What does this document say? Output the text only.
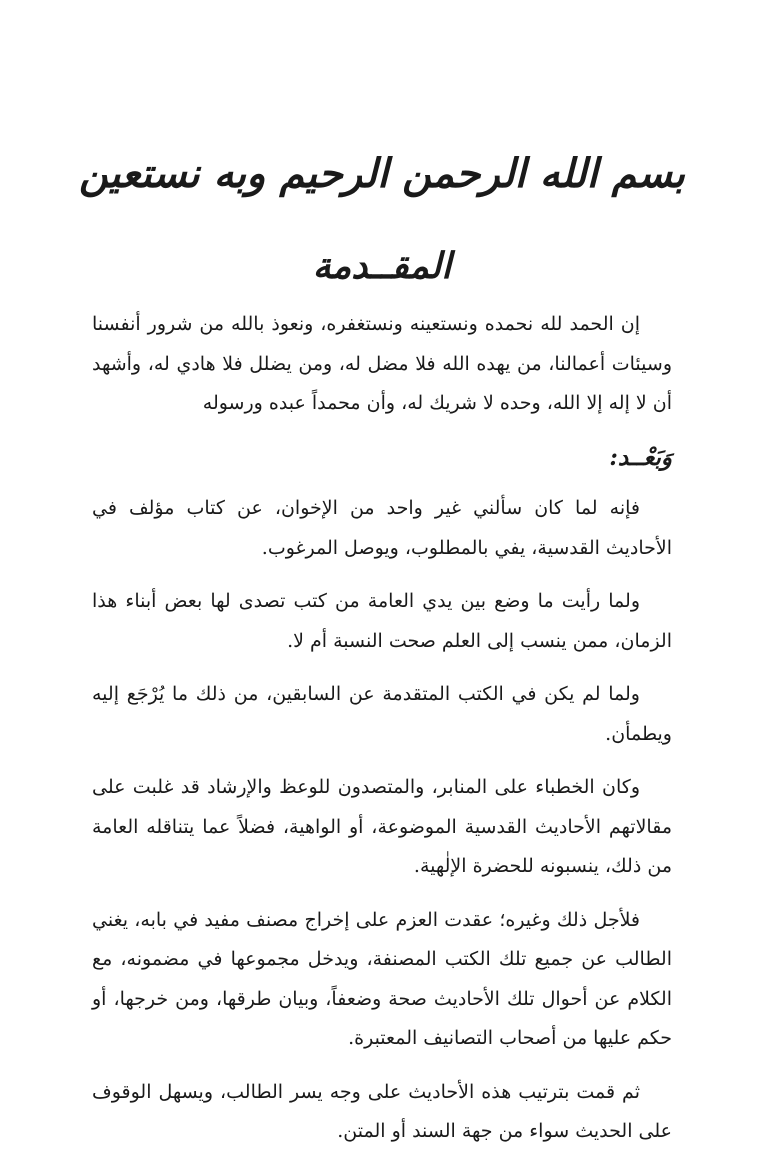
بسم الله الرحمن الرحيم وبه نستعين
المقــدمة

إن الحمد لله نحمده ونستعينه ونستغفره، ونعوذ بالله من شرور أنفسنا وسيئات أعمالنا، من يهده الله فلا مضل له، ومن يضلل فلا هادي له، وأشهد أن لا إله إلا الله، وحده لا شريك له، وأن محمداً عبده ورسوله

وَبَعْــد:

فإنه لما كان سألني غير واحد من الإخوان، عن كتاب مؤلف في الأحاديث القدسية، يفي بالمطلوب، ويوصل المرغوب.

ولما رأيت ما وضع بين يدي العامة من كتب تصدى لها بعض أبناء هذا الزمان، ممن ينسب إلى العلم صحت النسبة أم لا.

ولما لم يكن في الكتب المتقدمة عن السابقين، من ذلك ما يُرْجَع إليه ويطمأن.

وكان الخطباء على المنابر، والمتصدون للوعظ والإرشاد قد غلبت على مقالاتهم الأحاديث القدسية الموضوعة، أو الواهية، فضلاً عما يتناقله العامة من ذلك، ينسبونه للحضرة الإلٰهية.

فلأجل ذلك وغيره؛ عقدت العزم على إخراج مصنف مفيد في بابه، يغني الطالب عن جميع تلك الكتب المصنفة، ويدخل مجموعها في مضمونه، مع الكلام عن أحوال تلك الأحاديث صحة وضعفاً، وبيان طرقها، ومن خرجها، أو حكم عليها من أصحاب التصانيف المعتبرة.

ثم قمت بترتيب هذه الأحاديث على وجه يسر الطالب، ويسهل الوقوف على الحديث سواء من جهة السند أو المتن.
